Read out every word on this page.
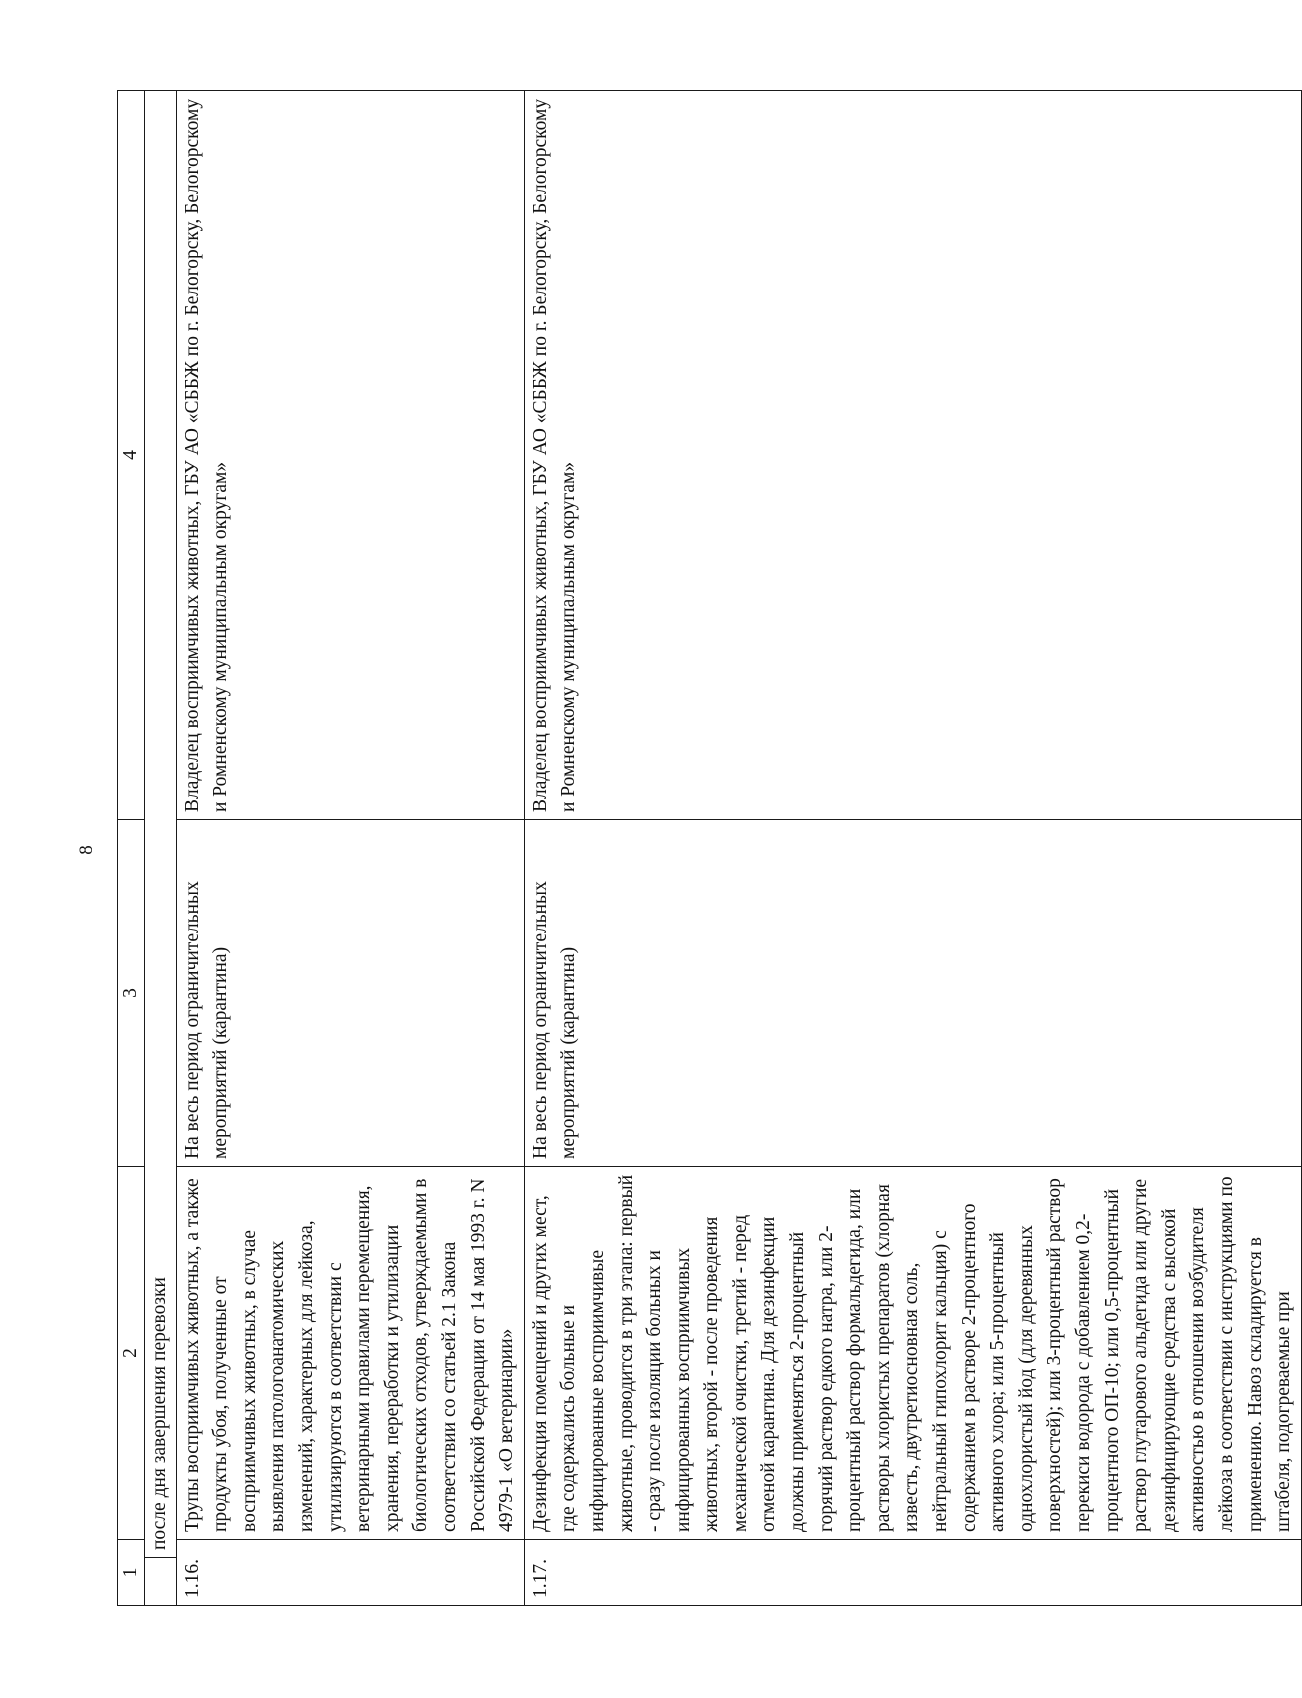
8
1		2	3	4
	после дня завершения перевозки			
1.16.		Трупы восприимчивых животных, а также продукты убоя, полученные от восприимчивых животных, в случае выявления патологоанатомических изменений, характерных для лейкоза, утилизируются в соответствии с ветеринарными правилами перемещения, хранения, переработки и утилизации биологических отходов, утверждаемыми в соответствии со статьей 2.1 Закона Российской Федерации от 14 мая 1993 г. N 4979-1 «О ветеринарии»	На весь период ограничительных мероприятий (карантина)	Владелец восприимчивых животных, ГБУ АО «СББЖ по г. Белогорску, Белогорскому и Ромненскому муниципальным округам»
1.17.		Дезинфекция помещений и других мест, где содержались больные и инфицированные восприимчивые животные, проводится в три этапа: первый - сразу после изоляции больных и инфицированных восприимчивых животных, второй - после проведения механической очистки, третий - перед отменой карантина. Для дезинфекции должны применяться 2-процентный горячий раствор едкого натра, или 2-процентный раствор формальдегида, или растворы хлористых препаратов (хлорная известь, двутретиосновная соль, нейтральный гипохлорит кальция) с содержанием в растворе 2-процентного активного хлора; или 5-процентный однохлористый йод (для деревянных поверхностей); или 3-процентный раствор перекиси водорода с добавлением 0,2-процентного ОП-10; или 0,5-процентный раствор глутарового альдегида или другие дезинфицирующие средства с высокой активностью в отношении возбудителя лейкоза в соответствии с инструкциями по применению. Навоз складируется в штабеля, подогреваемые при	На весь период ограничительных мероприятий (карантина)	Владелец восприимчивых животных, ГБУ АО «СББЖ по г. Белогорску, Белогорскому и Ромненскому муниципальным округам»
